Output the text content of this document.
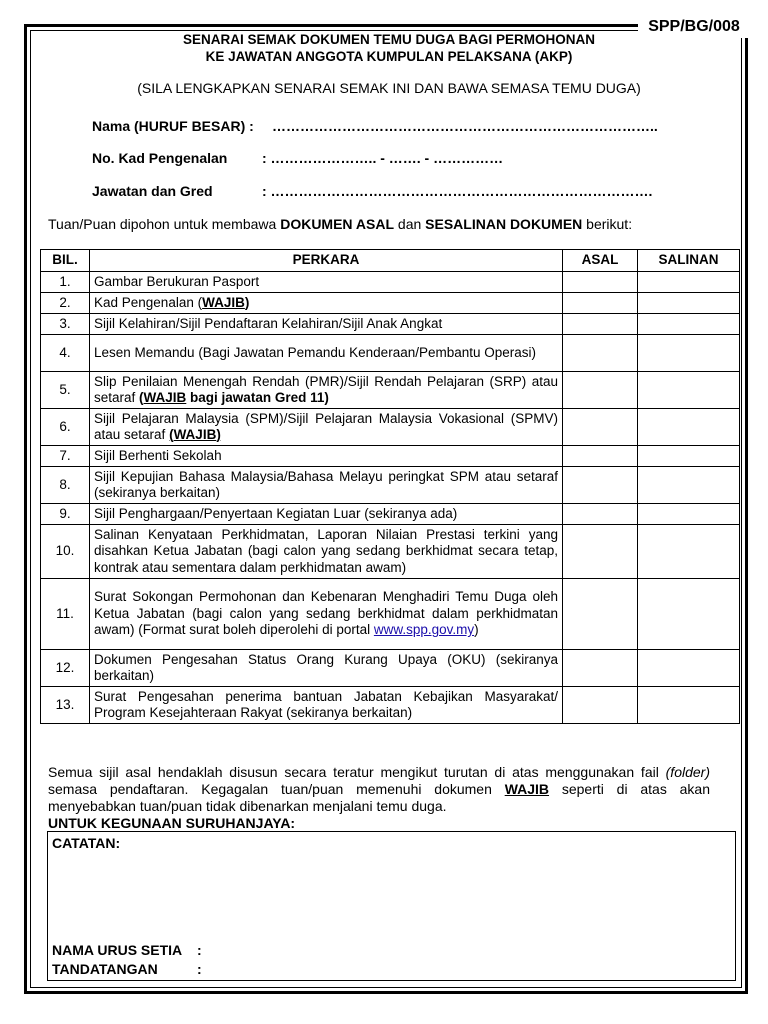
SPP/BG/008
SENARAI SEMAK DOKUMEN TEMU DUGA BAGI PERMOHONAN
KE JAWATAN ANGGOTA KUMPULAN PELAKSANA (AKP)
(SILA LENGKAPKAN SENARAI SEMAK INI DAN BAWA SEMASA TEMU DUGA)
Nama (HURUF BESAR) : ………………………………………………………………………..
No. Kad Pengenalan : ………………….. - ……. - ……………
Jawatan dan Gred	: ……………………………………………………………………….
Tuan/Puan dipohon untuk membawa DOKUMEN ASAL dan SESALINAN DOKUMEN berikut:
BIL.	PERKARA	ASAL	SALINAN
1.	Gambar Berukuran Pasport		
2.	Kad Pengenalan (WAJIB)		
3.	Sijil Kelahiran/Sijil Pendaftaran Kelahiran/Sijil Anak Angkat		
4.	Lesen Memandu (Bagi Jawatan Pemandu Kenderaan/Pembantu Operasi)		
5.	Slip Penilaian Menengah Rendah (PMR)/Sijil Rendah Pelajaran (SRP) atau setaraf (WAJIB bagi jawatan Gred 11)		
6.	Sijil Pelajaran Malaysia (SPM)/Sijil Pelajaran Malaysia Vokasional (SPMV) atau setaraf (WAJIB)		
7.	Sijil Berhenti Sekolah		
8.	Sijil Kepujian Bahasa Malaysia/Bahasa Melayu peringkat SPM atau setaraf (sekiranya berkaitan)		
9.	Sijil Penghargaan/Penyertaan Kegiatan Luar (sekiranya ada)		
10.	Salinan Kenyataan Perkhidmatan, Laporan Nilaian Prestasi terkini yang disahkan Ketua Jabatan (bagi calon yang sedang berkhidmat secara tetap, kontrak atau sementara dalam perkhidmatan awam)		
11.	Surat Sokongan Permohonan dan Kebenaran Menghadiri Temu Duga oleh Ketua Jabatan (bagi calon yang sedang berkhidmat dalam perkhidmatan awam) (Format surat boleh diperolehi di portal www.spp.gov.my)		
12.	Dokumen Pengesahan Status Orang Kurang Upaya (OKU) (sekiranya berkaitan)		
13.	Surat Pengesahan penerima bantuan Jabatan Kebajikan Masyarakat/ Program Kesejahteraan Rakyat (sekiranya berkaitan)		
Semua sijil asal hendaklah disusun secara teratur mengikut turutan di atas menggunakan fail (folder) semasa pendaftaran. Kegagalan tuan/puan memenuhi dokumen WAJIB seperti di atas akan menyebabkan tuan/puan tidak dibenarkan menjalani temu duga.
UNTUK KEGUNAAN SURUHANJAYA:
CATATAN:
NAMA URUS SETIA :
TANDATANGAN	:
